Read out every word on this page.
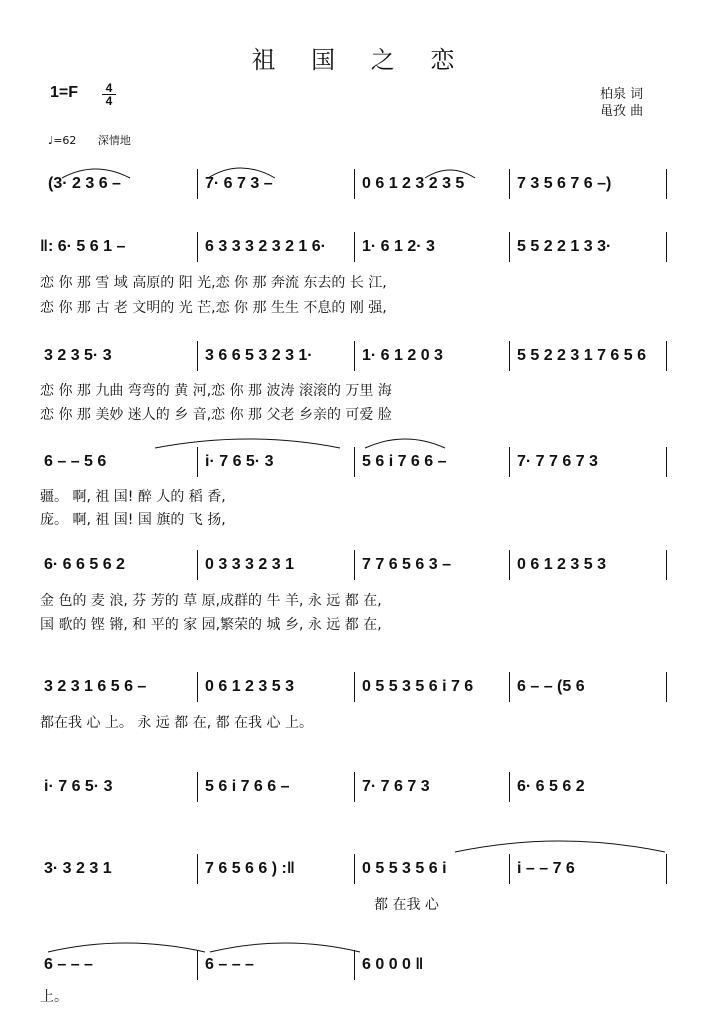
祖 国 之 恋
1=F	4
4	柏泉 词
黾孜 曲
♩=62 深情地

(3· 2 3 6 –

	7· 6 7 3 –

	0 6 1 2 3 2 3 5

	7 3 5 6 7 6 –)

‖: 6· 5 6 1 –

	6 3 3 3 2 3 2 1 6·

	1· 6 1 2· 3

	5 5 2 2 1 3 3·

恋 你 那 雪 域 高原的 阳 光,恋 你 那 奔流 东去的 长 江,
恋 你 那 古 老 文明的 光 芒,恋 你 那 生生 不息的 刚 强,

3 2 3 5· 3

	3 6 6 5 3 2 3 1·

	1· 6 1 2 0 3

	5 5 2 2 3 1 7 6 5 6

恋 你 那 九曲 弯弯的 黄 河,恋 你 那 波涛 滚滚的 万里 海
恋 你 那 美妙 迷人的 乡 音,恋 你 那 父老 乡亲的 可爱 脸

6 – – 5 6

	i· 7 6 5· 3

	5 6 i 7 6 6 –

	7· 7 7 6 7 3

疆。 啊, 祖 国! 醉 人的 稻 香,
庞。 啊, 祖 国! 国 旗的 飞 扬,

6· 6 6 5 6 2

	0 3 3 3 2 3 1

	7 7 6 5 6 3 –

	0 6 1 2 3 5 3

金 色的 麦 浪, 芬 芳的 草 原,成群的 牛 羊, 永 远 都 在,
国 歌的 铿 锵, 和 平的 家 园,繁荣的 城 乡, 永 远 都 在,

3 2 3 1 6 5 6 –

	0 6 1 2 3 5 3

	0 5 5 3 5 6 i 7 6

	6 – – (5 6

都在我 心 上。 永 远 都 在, 都 在我 心 上。

i· 7 6 5· 3

	5 6 i 7 6 6 –

	7· 7 6 7 3

	6· 6 5 6 2

3· 3 2 3 1

	7 6 5 6 6 ) :‖

	0 5 5 3 5 6 i

	i – – 7 6

都 在我 心

6 – – –

	6 – – –

	6 0 0 0 ‖

上。
